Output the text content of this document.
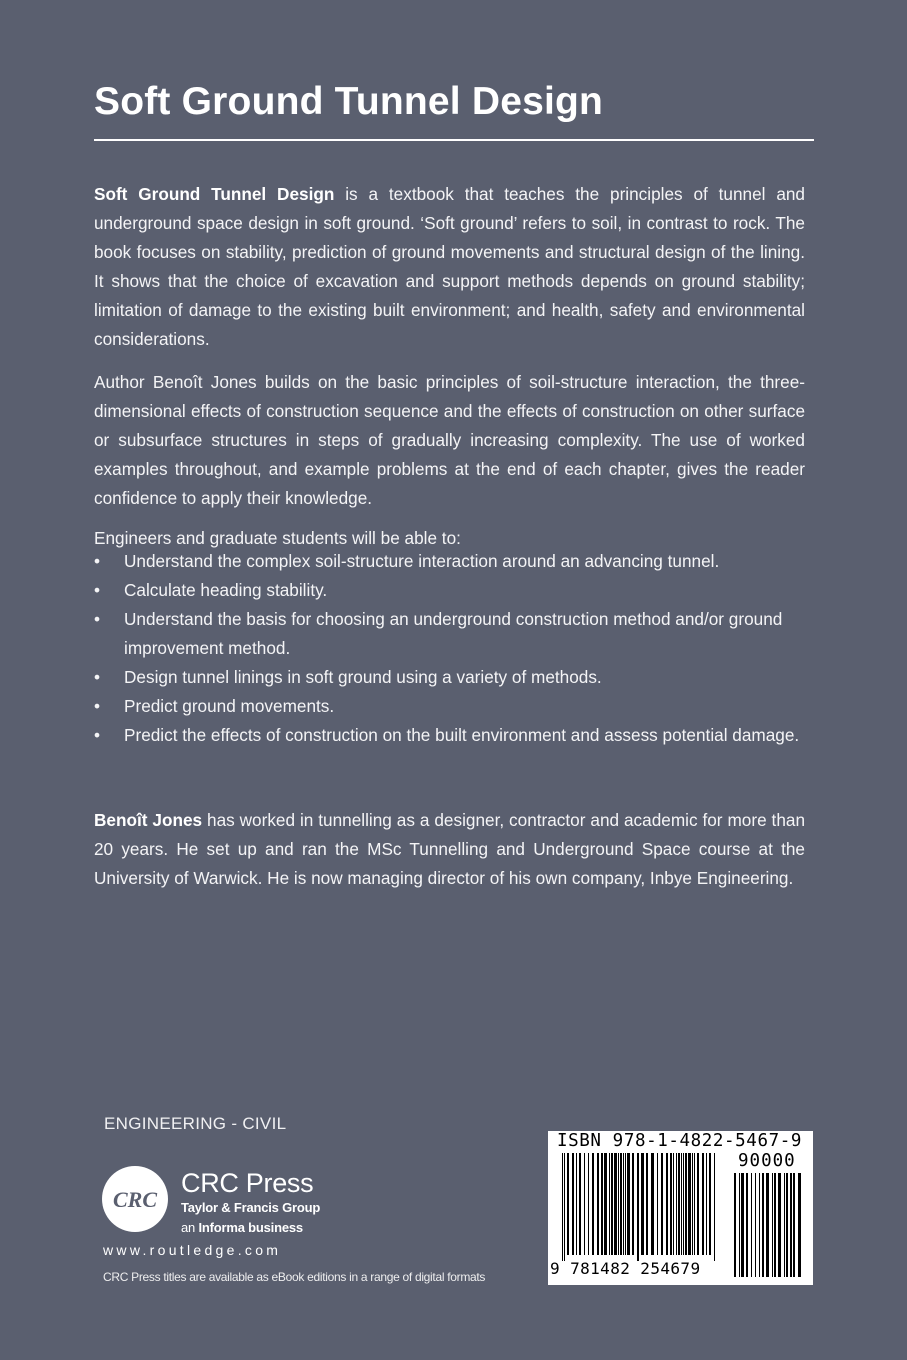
Soft Ground Tunnel Design
Soft Ground Tunnel Design is a textbook that teaches the principles of tunnel and underground space design in soft ground. ‘Soft ground’ refers to soil, in contrast to rock. The book focuses on stability, prediction of ground movements and structural design of the lining. It shows that the choice of excavation and support methods depends on ground stability; limitation of damage to the existing built environment; and health, safety and environmental considerations.
Author Benoît Jones builds on the basic principles of soil-structure interaction, the three-dimensional effects of construction sequence and the effects of construction on other surface or subsurface structures in steps of gradually increasing complexity. The use of worked examples throughout, and example problems at the end of each chapter, gives the reader confidence to apply their knowledge.
Engineers and graduate students will be able to:
• Understand the complex soil-structure interaction around an advancing tunnel.
• Calculate heading stability.
• Understand the basis for choosing an underground construction method and/or ground improvement method.
• Design tunnel linings in soft ground using a variety of methods.
• Predict ground movements.
• Predict the effects of construction on the built environment and assess potential damage.
Benoît Jones has worked in tunnelling as a designer, contractor and academic for more than 20 years. He set up and ran the MSc Tunnelling and Underground Space course at the University of Warwick. He is now managing director of his own company, Inbye Engineering.
ENGINEERING - CIVIL
CRC
CRC Press
Taylor & Francis Group
an Informa business
www.routledge.com
CRC Press titles are available as eBook editions in a range of digital formats
ISBN 978-1-4822-5467-9
90000
9 781482 254679
